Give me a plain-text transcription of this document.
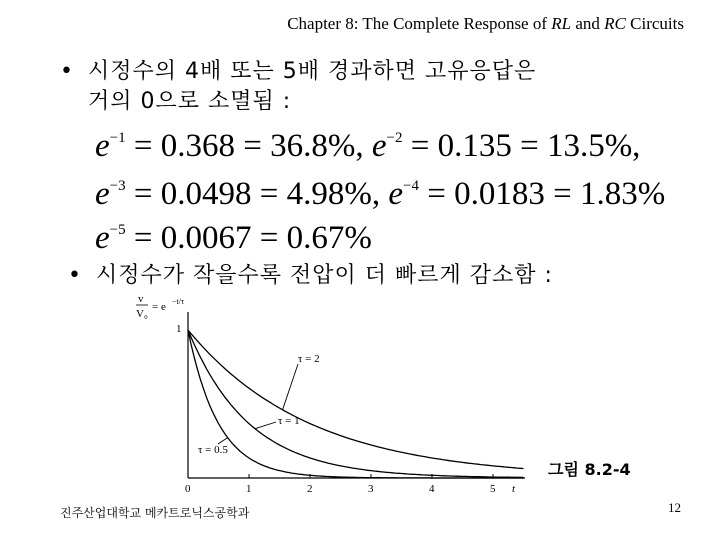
Chapter 8: The Complete Response of RL and RC Circuits
• 시정수의 4배 또는 5배 경과하면 고유응답은
거의 0으로 소멸됨 :
$e^{-1} = 0.368 = 36.8\%$, $e^{-2} = 0.135 = 13.5\%$,
$e^{-3} = 0.0498 = 4.98\%$, $e^{-4} = 0.0183 = 1.83\%$
$e^{-5} = 0.0067 = 0.67\%$
• 시정수가 작을수록 전압이 더 빠르게 감소함 :
v
V₀
= e −t/τ
1
t
0	1	2	3	4	5
τ = 2
τ = 1
τ = 0.5
그림 8.2-4
진주산업대학교 메카트로닉스공학과	12
